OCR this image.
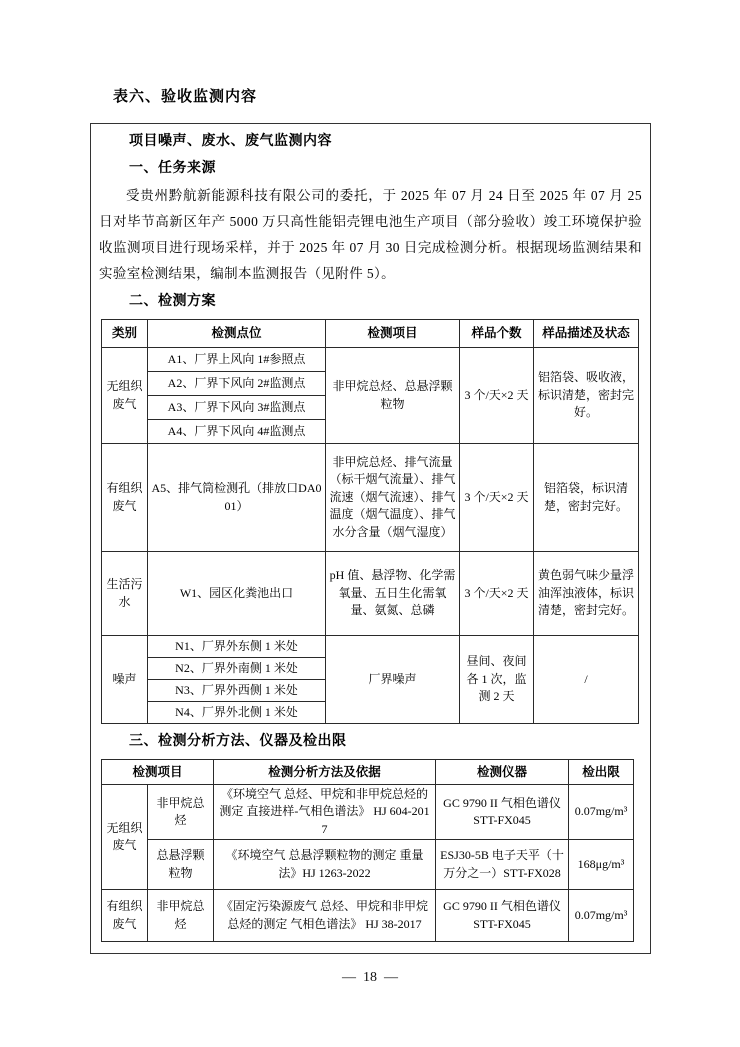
表六、验收监测内容
项目噪声、废水、废气监测内容
一、任务来源

受贵州黔航新能源科技有限公司的委托，于 2025 年 07 月 24 日至 2025 年 07 月 25 日对毕节高新区年产 5000 万只高性能铝壳锂电池生产项目（部分验收）竣工环境保护验收监测项目进行现场采样，并于 2025 年 07 月 30 日完成检测分析。根据现场监测结果和实验室检测结果，编制本监测报告（见附件 5）。

二、检测方案
类别	检测点位	检测项目	样品个数	样品描述及状态
无组织废气	A1、厂界上风向 1#参照点	非甲烷总烃、总悬浮颗粒物	3 个/天×2 天	铝箔袋、吸收液，标识清楚，密封完好。
	A2、厂界下风向 2#监测点			
	A3、厂界下风向 3#监测点			
	A4、厂界下风向 4#监测点			
有组织废气	A5、排气筒检测孔（排放口DA001）	非甲烷总烃、排气流量（标干烟气流量）、排气流速（烟气流速）、排气温度（烟气温度）、排气水分含量（烟气湿度）	3 个/天×2 天	铝箔袋，标识清楚，密封完好。
生活污水	W1、园区化粪池出口	pH 值、悬浮物、化学需氧量、五日生化需氧量、氨氮、总磷	3 个/天×2 天	黄色弱气味少量浮油浑浊液体，标识清楚，密封完好。
噪声	N1、厂界外东侧 1 米处	厂界噪声	昼间、夜间各 1 次，监测 2 天	/
	N2、厂界外南侧 1 米处			
	N3、厂界外西侧 1 米处			
	N4、厂界外北侧 1 米处			
三、检测分析方法、仪器及检出限
检测项目		检测分析方法及依据	检测仪器	检出限
无组织废气	非甲烷总烃	《环境空气 总烃、甲烷和非甲烷总烃的测定 直接进样-气相色谱法》 HJ 604-2017	GC 9790 II 气相色谱仪 STT-FX045	0.07mg/m³
	总悬浮颗粒物	《环境空气 总悬浮颗粒物的测定 重量法》HJ 1263-2022	ESJ30-5B 电子天平（十万分之一）STT-FX028	168μg/m³
有组织废气	非甲烷总烃	《固定污染源废气 总烃、甲烷和非甲烷总烃的测定 气相色谱法》 HJ 38-2017	GC 9790 II 气相色谱仪 STT-FX045	0.07mg/m³
—  18  —
